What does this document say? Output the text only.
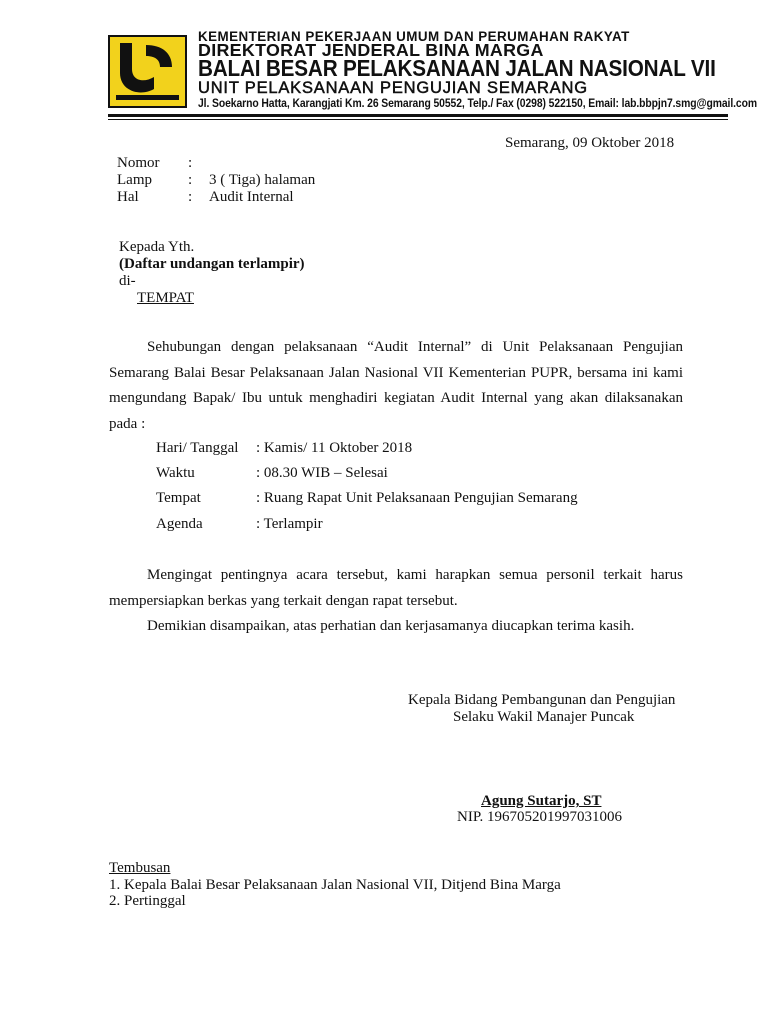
KEMENTERIAN PEKERJAAN UMUM DAN PERUMAHAN RAKYAT
DIREKTORAT JENDERAL BINA MARGA
BALAI BESAR PELAKSANAAN JALAN NASIONAL VII
UNIT PELAKSANAAN PENGUJIAN SEMARANG
Jl. Soekarno Hatta, Karangjati Km. 26 Semarang 50552, Telp./ Fax (0298) 522150, Email: lab.bbpjn7.smg@gmail.com
Semarang, 09 Oktober 2018
Nomor :
Lamp : 3 ( Tiga) halaman
Hal	: Audit Internal
Kepada Yth.
(Daftar undangan terlampir)
di-
TEMPAT
Sehubungan dengan pelaksanaan “Audit Internal” di Unit Pelaksanaan Pengujian Semarang Balai Besar Pelaksanaan Jalan Nasional VII Kementerian PUPR, bersama ini kami mengundang Bapak/ Ibu untuk menghadiri kegiatan Audit Internal yang akan dilaksanakan pada :
Hari/ Tanggal : Kamis/ 11 Oktober 2018
Waktu	: 08.30 WIB – Selesai
Tempat	: Ruang Rapat Unit Pelaksanaan Pengujian Semarang
Agenda	: Terlampir
Mengingat pentingnya acara tersebut, kami harapkan semua personil terkait harus mempersiapkan berkas yang terkait dengan rapat tersebut.
Demikian disampaikan, atas perhatian dan kerjasamanya diucapkan terima kasih.
Kepala Bidang Pembangunan dan Pengujian
Selaku Wakil Manajer Puncak
Agung Sutarjo, ST
NIP. 196705201997031006
Tembusan
1. Kepala Balai Besar Pelaksanaan Jalan Nasional VII, Ditjend Bina Marga
2. Pertinggal
